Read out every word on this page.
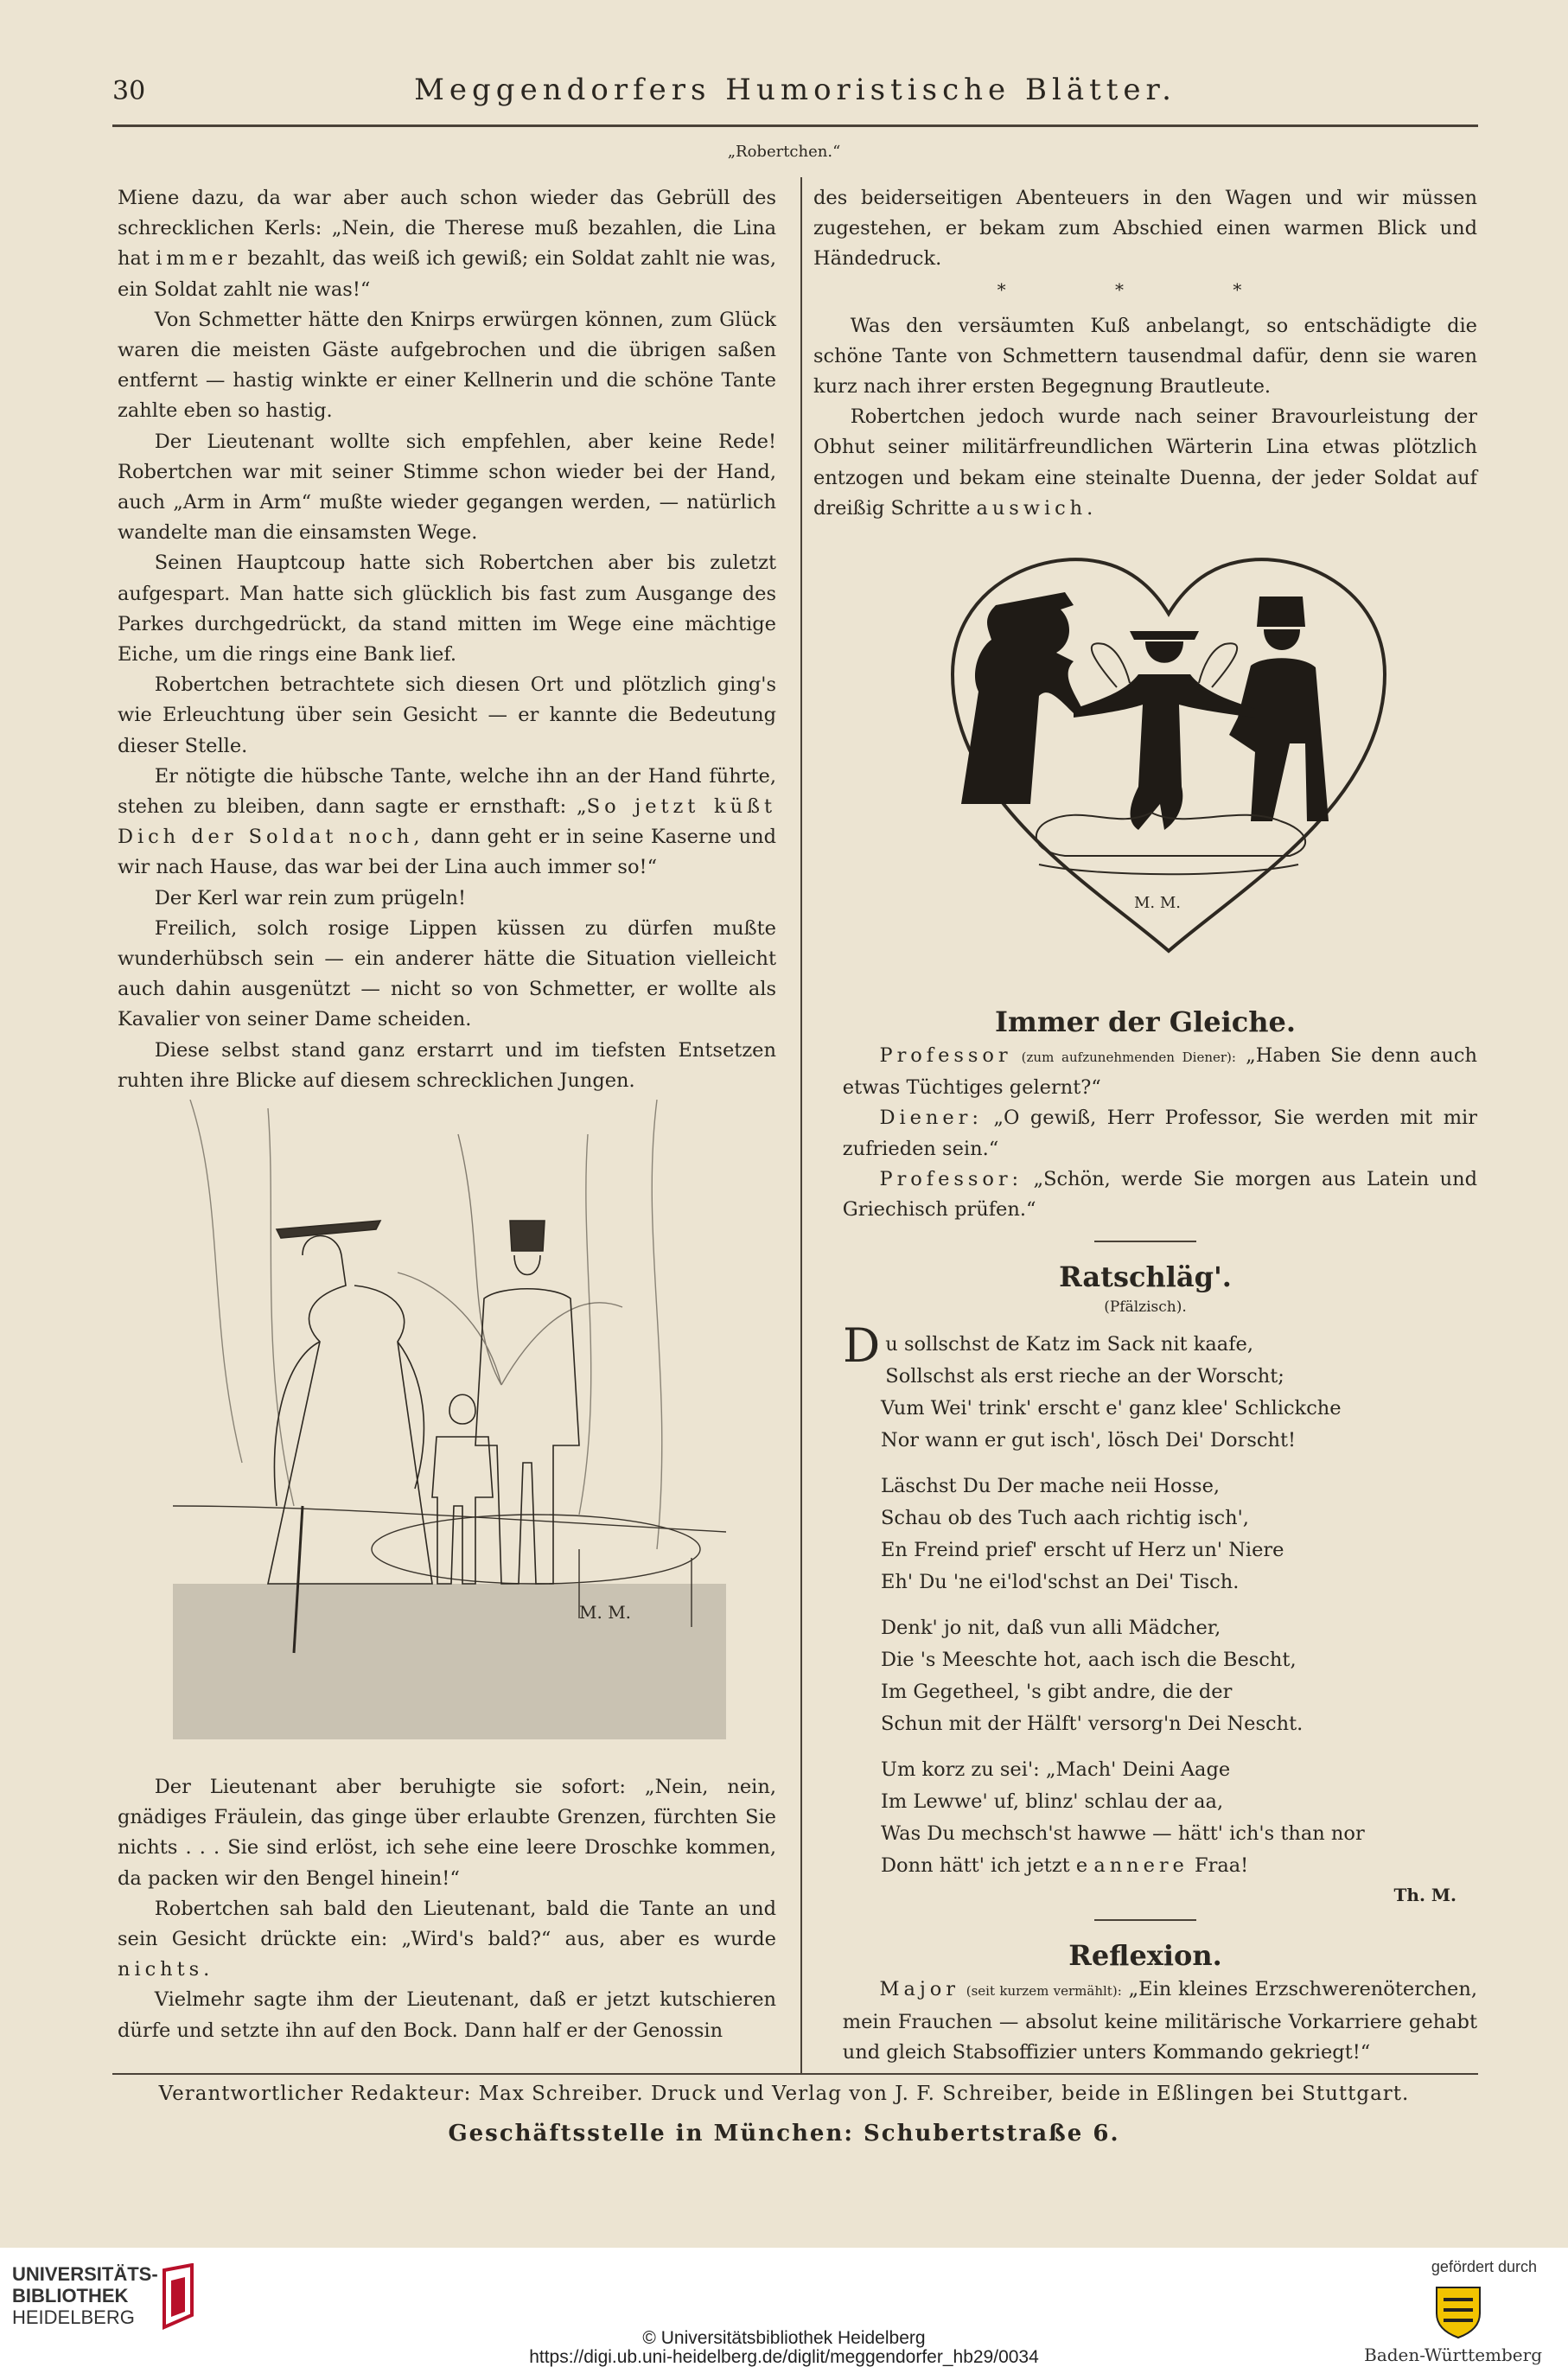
30	Meggendorfers Humoristische Blätter.
„Robertchen.“

Miene dazu, da war aber auch schon wieder das Gebrüll des schrecklichen Kerls: „Nein, die Therese muß bezahlen, die Lina hat immer bezahlt, das weiß ich gewiß; ein Soldat zahlt nie was, ein Soldat zahlt nie was!“

Von Schmetter hätte den Knirps erwürgen können, zum Glück waren die meisten Gäste aufgebrochen und die übrigen saßen entfernt — hastig winkte er einer Kellnerin und die schöne Tante zahlte eben so hastig.

Der Lieutenant wollte sich empfehlen, aber keine Rede! Robertchen war mit seiner Stimme schon wieder bei der Hand, auch „Arm in Arm“ mußte wieder gegangen werden, — natürlich wandelte man die einsamsten Wege.

Seinen Hauptcoup hatte sich Robertchen aber bis zuletzt aufgespart. Man hatte sich glücklich bis fast zum Ausgange des Parkes durchgedrückt, da stand mitten im Wege eine mächtige Eiche, um die rings eine Bank lief.

Robertchen betrachtete sich diesen Ort und plötzlich ging's wie Erleuchtung über sein Gesicht — er kannte die Bedeutung dieser Stelle.

Er nötigte die hübsche Tante, welche ihn an der Hand führte, stehen zu bleiben, dann sagte er ernsthaft: „So jetzt küßt Dich der Soldat noch, dann geht er in seine Kaserne und wir nach Hause, das war bei der Lina auch immer so!“

Der Kerl war rein zum prügeln!

Freilich, solch rosige Lippen küssen zu dürfen mußte wunderhübsch sein — ein anderer hätte die Situation vielleicht auch dahin ausgenützt — nicht so von Schmetter, er wollte als Kavalier von seiner Dame scheiden.

Diese selbst stand ganz erstarrt und im tiefsten Entsetzen ruhten ihre Blicke auf diesem schrecklichen Jungen.

M. M.

Der Lieutenant aber beruhigte sie sofort: „Nein, nein, gnädiges Fräulein, das ginge über erlaubte Grenzen, fürchten Sie nichts . . . Sie sind erlöst, ich sehe eine leere Droschke kommen, da packen wir den Bengel hinein!“

Robertchen sah bald den Lieutenant, bald die Tante an und sein Gesicht drückte ein: „Wird's bald?“ aus, aber es wurde nichts.

Vielmehr sagte ihm der Lieutenant, daß er jetzt kutschieren dürfe und setzte ihn auf den Bock. Dann half er der Genossin

des beiderseitigen Abenteuers in den Wagen und wir müssen zugestehen, er bekam zum Abschied einen warmen Blick und Händedruck.

* * *

Was den versäumten Kuß anbelangt, so entschädigte die schöne Tante von Schmettern tausendmal dafür, denn sie waren kurz nach ihrer ersten Begegnung Brautleute.

Robertchen jedoch wurde nach seiner Bravourleistung der Obhut seiner militärfreundlichen Wärterin Lina etwas plötzlich entzogen und bekam eine steinalte Duenna, der jeder Soldat auf dreißig Schritte auswich.

M. M.
Immer der Gleiche.

Professor (zum aufzunehmenden Diener): „Haben Sie denn auch etwas Tüchtiges gelernt?“

Diener: „O gewiß, Herr Professor, Sie werden mit mir zufrieden sein.“

Professor: „Schön, werde Sie morgen aus Latein und Griechisch prüfen.“

Ratschläg'.
(Pfälzisch).
Du sollschst de Katz im Sack nit kaafe,
Sollschst als erst rieche an der Worscht;
Vum Wei' trink' erscht e' ganz klee' Schlickche
Nor wann er gut isch', lösch Dei' Dorscht!
Läschst Du Der mache neii Hosse,
Schau ob des Tuch aach richtig isch',
En Freind prief' erscht uf Herz un' Niere
Eh' Du 'ne ei'lod'schst an Dei' Tisch.
Denk' jo nit, daß vun alli Mädcher,
Die 's Meeschte hot, aach isch die Bescht,
Im Gegetheel, 's gibt andre, die der
Schun mit der Hälft' versorg'n Dei Nescht.
Um korz zu sei': „Mach' Deini Aage
Im Lewwe' uf, blinz' schlau der aa,
Was Du mechsch'st hawwe — hätt' ich's than nor
Donn hätt' ich jetzt e annere Fraa!
Th. M.
Reflexion.

Major (seit kurzem vermählt): „Ein kleines Erzschwerenöterchen, mein Frauchen — absolut keine militärische Vorkarriere gehabt und gleich Stabsoffizier unters Kommando gekriegt!“

Verantwortlicher Redakteur: Max Schreiber. Druck und Verlag von J. F. Schreiber, beide in Eßlingen bei Stuttgart.
Geschäftsstelle in München: Schubertstraße 6.
UNIVERSITÄTS-
BIBLIOTHEK
HEIDELBERG
© Universitätsbibliothek Heidelberg
https://digi.ub.uni-heidelberg.de/diglit/meggendorfer_hb29/0034
gefördert durch
Baden-Württemberg
